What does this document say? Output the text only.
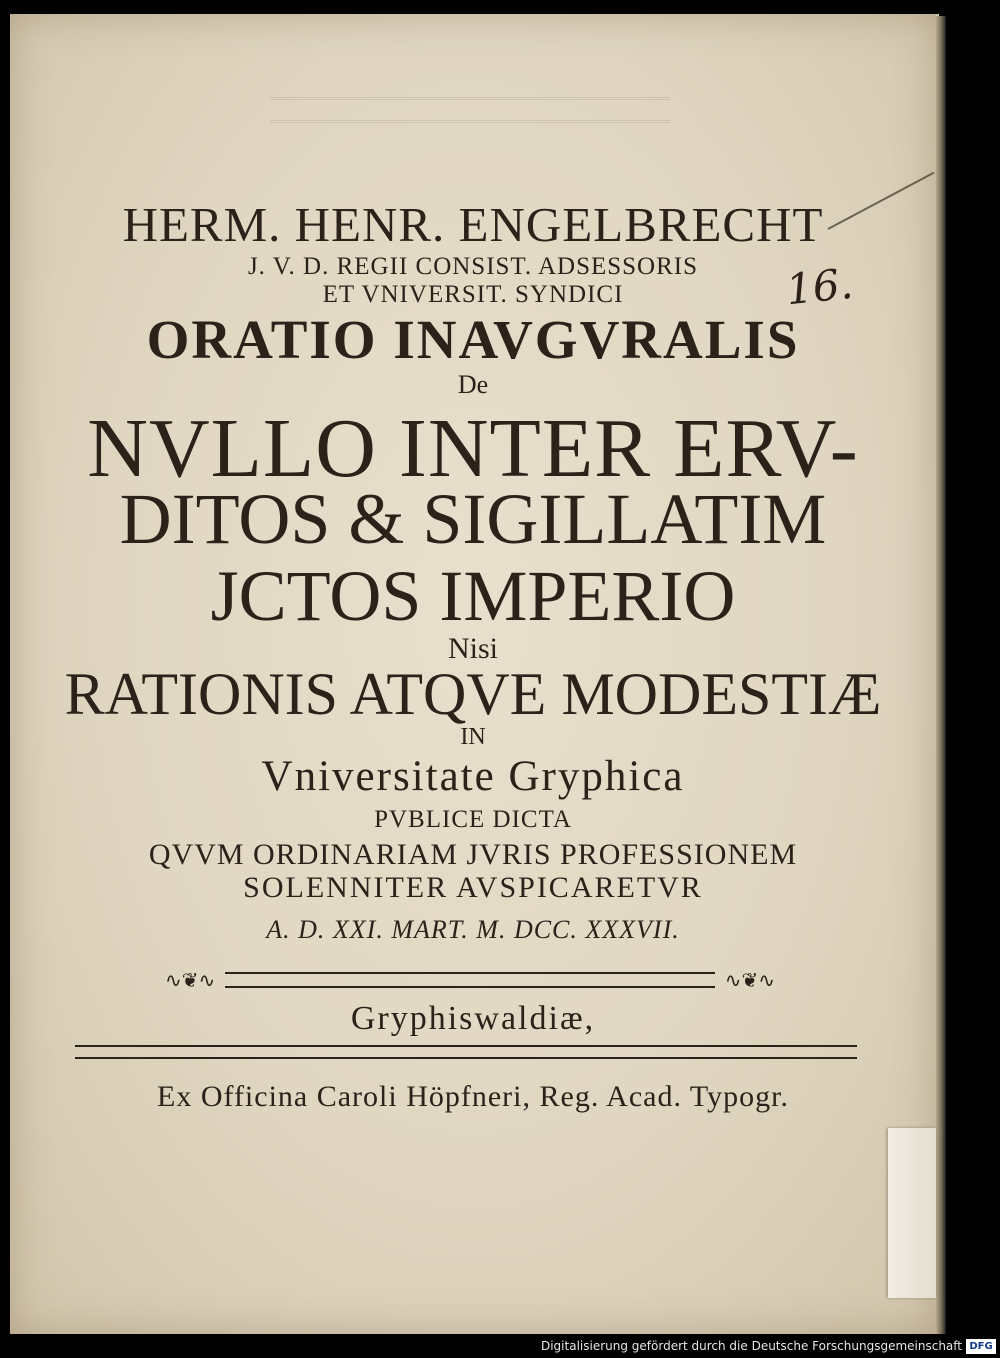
HERM. HENR. ENGELBRECHT
J. V. D. REGII CONSIST. ADSESSORIS
ET VNIVERSIT. SYNDICI
ORATIO INAVGVRALIS
De
NVLLO INTER ERV-
DITOS & SIGILLATIM
JCTOS IMPERIO
Nisi
RATIONIS ATQVE MODESTIÆ
IN
Vniversitate Gryphica
PVBLICE DICTA
QVVM ORDINARIAM JVRIS PROFESSIONEM
SOLENNITER AVSPICARETVR
A. D. XXI. MART. M. DCC. XXXVII.
∿❦∿	∿❦∿
Gryphiswaldiæ,
Ex Officina Caroli Höpfneri, Reg. Acad. Typogr.
16.
Digitalisierung gefördert durch die Deutsche Forschungsgemeinschaft DFG
